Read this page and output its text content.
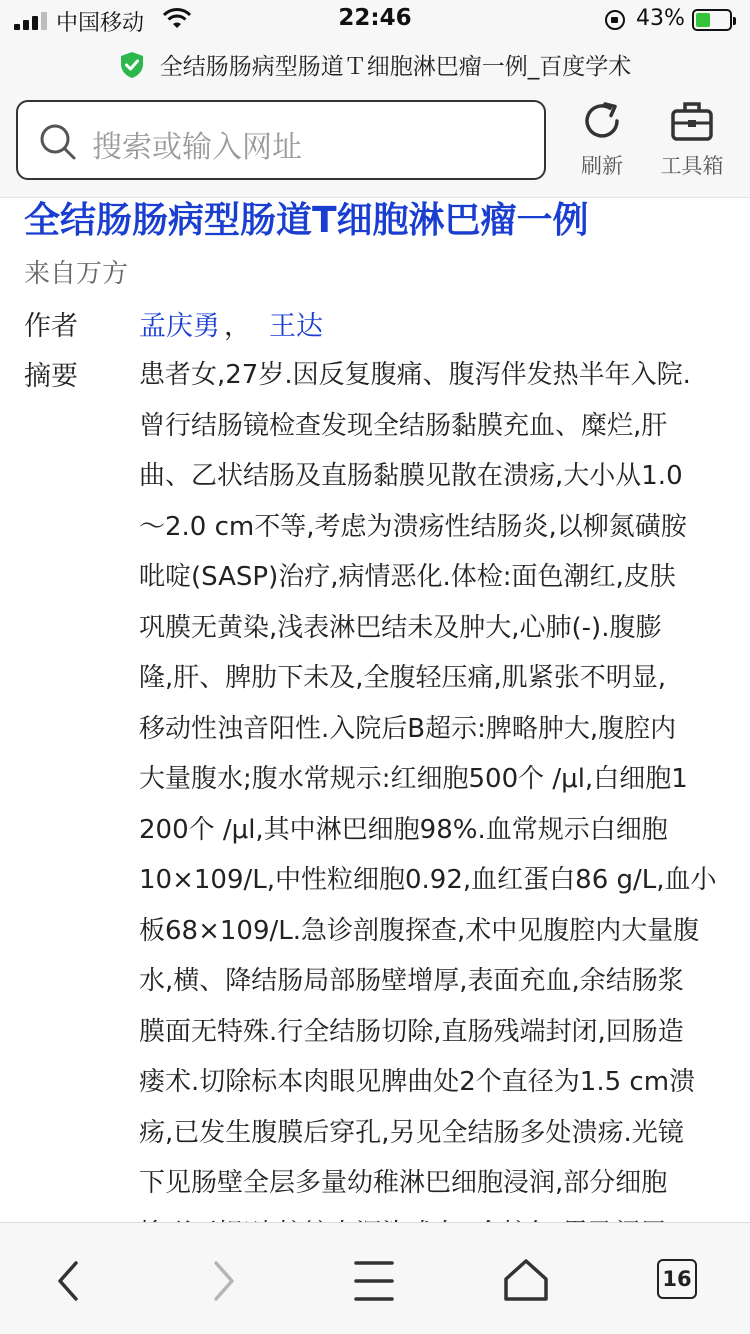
中国移动	22:46	43%
全结肠肠病型肠道Ｔ细胞淋巴瘤一例_百度学术
搜索或输入网址
刷新	工具箱
全结肠肠病型肠道T细胞淋巴瘤一例
来自万方
作者 孟庆勇 ， 王达
摘要 患者女,27岁.因反复腹痛、腹泻伴发热半年入院.
曾行结肠镜检查发现全结肠黏膜充血、糜烂,肝
曲、乙状结肠及直肠黏膜见散在溃疡,大小从1.0
～2.0 cm不等,考虑为溃疡性结肠炎,以柳氮磺胺
吡啶(SASP)治疗,病情恶化.体检:面色潮红,皮肤
巩膜无黄染,浅表淋巴结未及肿大,心肺(-).腹膨
隆,肝、脾肋下未及,全腹轻压痛,肌紧张不明显,
移动性浊音阳性.入院后B超示:脾略肿大,腹腔内
大量腹水;腹水常规示:红细胞500个 /μl,白细胞1
200个 /μl,其中淋巴细胞98%.血常规示白细胞
10×109/L,中性粒细胞0.92,血红蛋白86 g/L,血小
板68×109/L.急诊剖腹探查,术中见腹腔内大量腹
水,横、降结肠局部肠壁增厚,表面充血,余结肠浆
膜面无特殊.行全结肠切除,直肠残端封闭,回肠造
瘘术.切除标本肉眼见脾曲处2个直径为1.5 cm溃
疡,已发生腹膜后穿孔,另见全结肠多处溃疡.光镜
下见肠壁全层多量幼稚淋巴细胞浸润,部分细胞
16
